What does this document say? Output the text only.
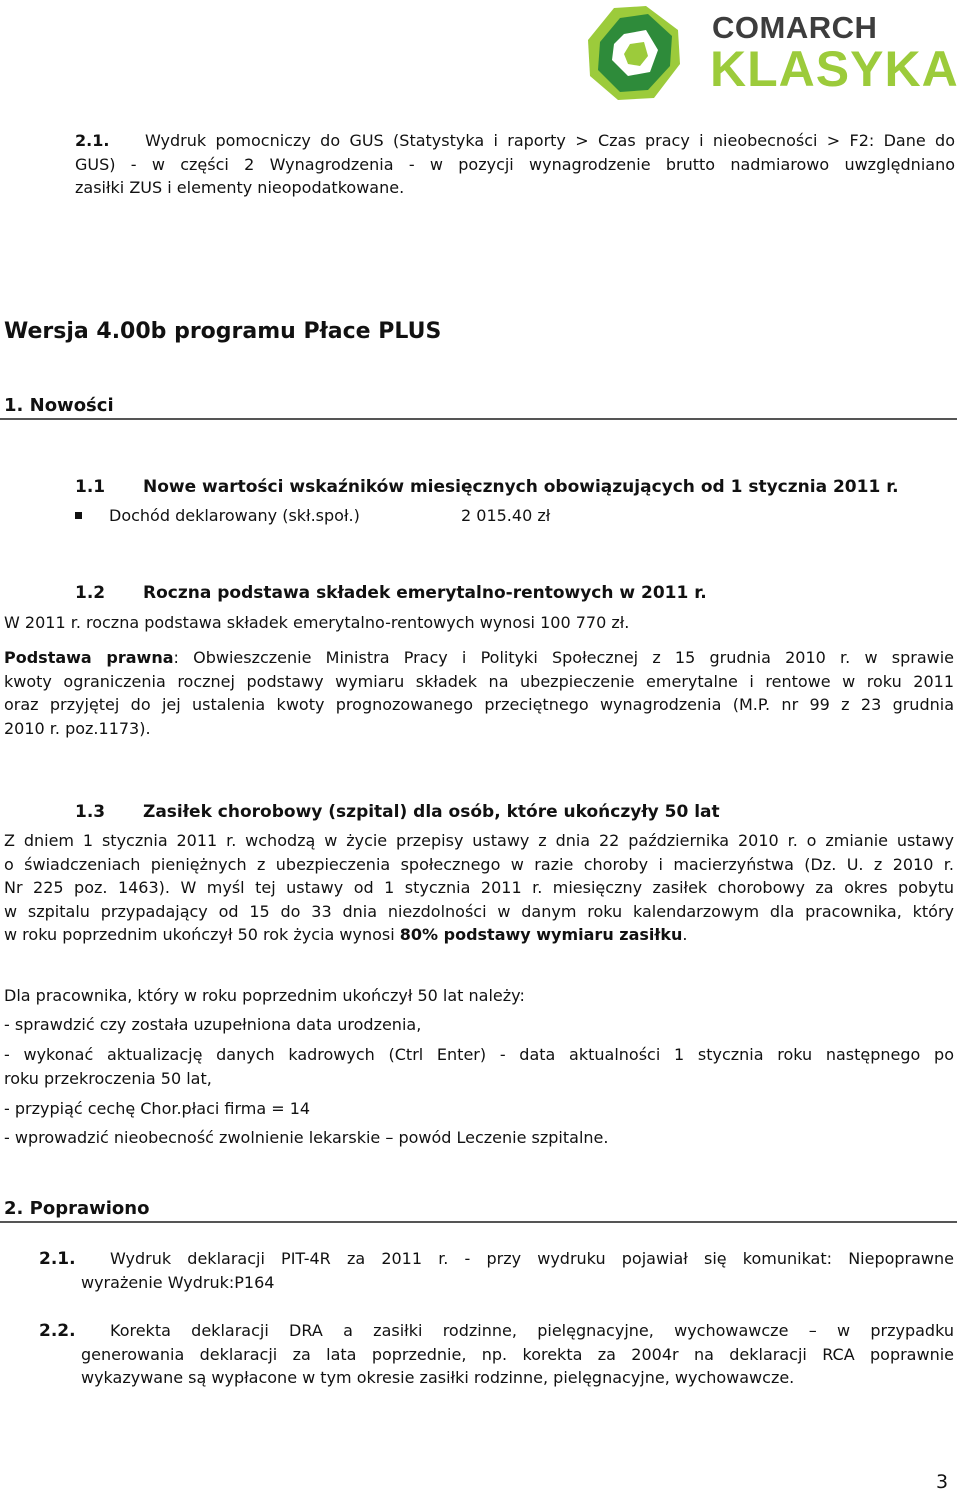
COMARCH
KLASYKA
2.1.	Wydruk pomocniczy do GUS (Statystyka i raporty > Czas pracy i nieobecności > F2: Dane do
GUS) - w części 2 Wynagrodzenia - w pozycji wynagrodzenie brutto nadmiarowo uwzględniano
zasiłki ZUS i elementy nieopodatkowane.
Wersja 4.00b programu Płace PLUS
1. Nowości
1.1 Nowe wartości wskaźników miesięcznych obowiązujących od 1 stycznia 2011 r.
Dochód deklarowany (skł.społ.)	2 015.40 zł
1.2 Roczna podstawa składek emerytalno-rentowych w 2011 r.
W 2011 r. roczna podstawa składek emerytalno-rentowych wynosi 100 770 zł.
Podstawa prawna: Obwieszczenie Ministra Pracy i Polityki Społecznej z 15 grudnia 2010 r. w sprawie
kwoty ograniczenia rocznej podstawy wymiaru składek na ubezpieczenie emerytalne i rentowe w roku 2011
oraz przyjętej do jej ustalenia kwoty prognozowanego przeciętnego wynagrodzenia (M.P. nr 99 z 23 grudnia
2010 r. poz.1173).
1.3 Zasiłek chorobowy (szpital) dla osób, które ukończyły 50 lat
Z dniem 1 stycznia 2011 r. wchodzą w życie przepisy ustawy z dnia 22 października 2010 r. o zmianie ustawy
o świadczeniach pieniężnych z ubezpieczenia społecznego w razie choroby i macierzyństwa (Dz. U. z 2010 r.
Nr 225 poz. 1463). W myśl tej ustawy od 1 stycznia 2011 r. miesięczny zasiłek chorobowy za okres pobytu
w szpitalu przypadający od 15 do 33 dnia niezdolności w danym roku kalendarzowym dla pracownika, który
w roku poprzednim ukończył 50 rok życia wynosi 80% podstawy wymiaru zasiłku.
Dla pracownika, który w roku poprzednim ukończył 50 lat należy:
- sprawdzić czy została uzupełniona data urodzenia,
- wykonać aktualizację danych kadrowych (Ctrl Enter) - data aktualności 1 stycznia roku następnego po
roku przekroczenia 50 lat,
- przypiąć cechę Chor.płaci firma = 14
- wprowadzić nieobecność zwolnienie lekarskie – powód Leczenie szpitalne.
2. Poprawiono
2.1.	Wydruk deklaracji PIT-4R za 2011 r. - przy wydruku pojawiał się komunikat: Niepoprawne
wyrażenie Wydruk:P164
2.2.	Korekta deklaracji DRA a zasiłki rodzinne, pielęgnacyjne, wychowawcze – w przypadku
generowania deklaracji za lata poprzednie, np. korekta za 2004r na deklaracji RCA poprawnie
wykazywane są wypłacone w tym okresie zasiłki rodzinne, pielęgnacyjne, wychowawcze.
3
